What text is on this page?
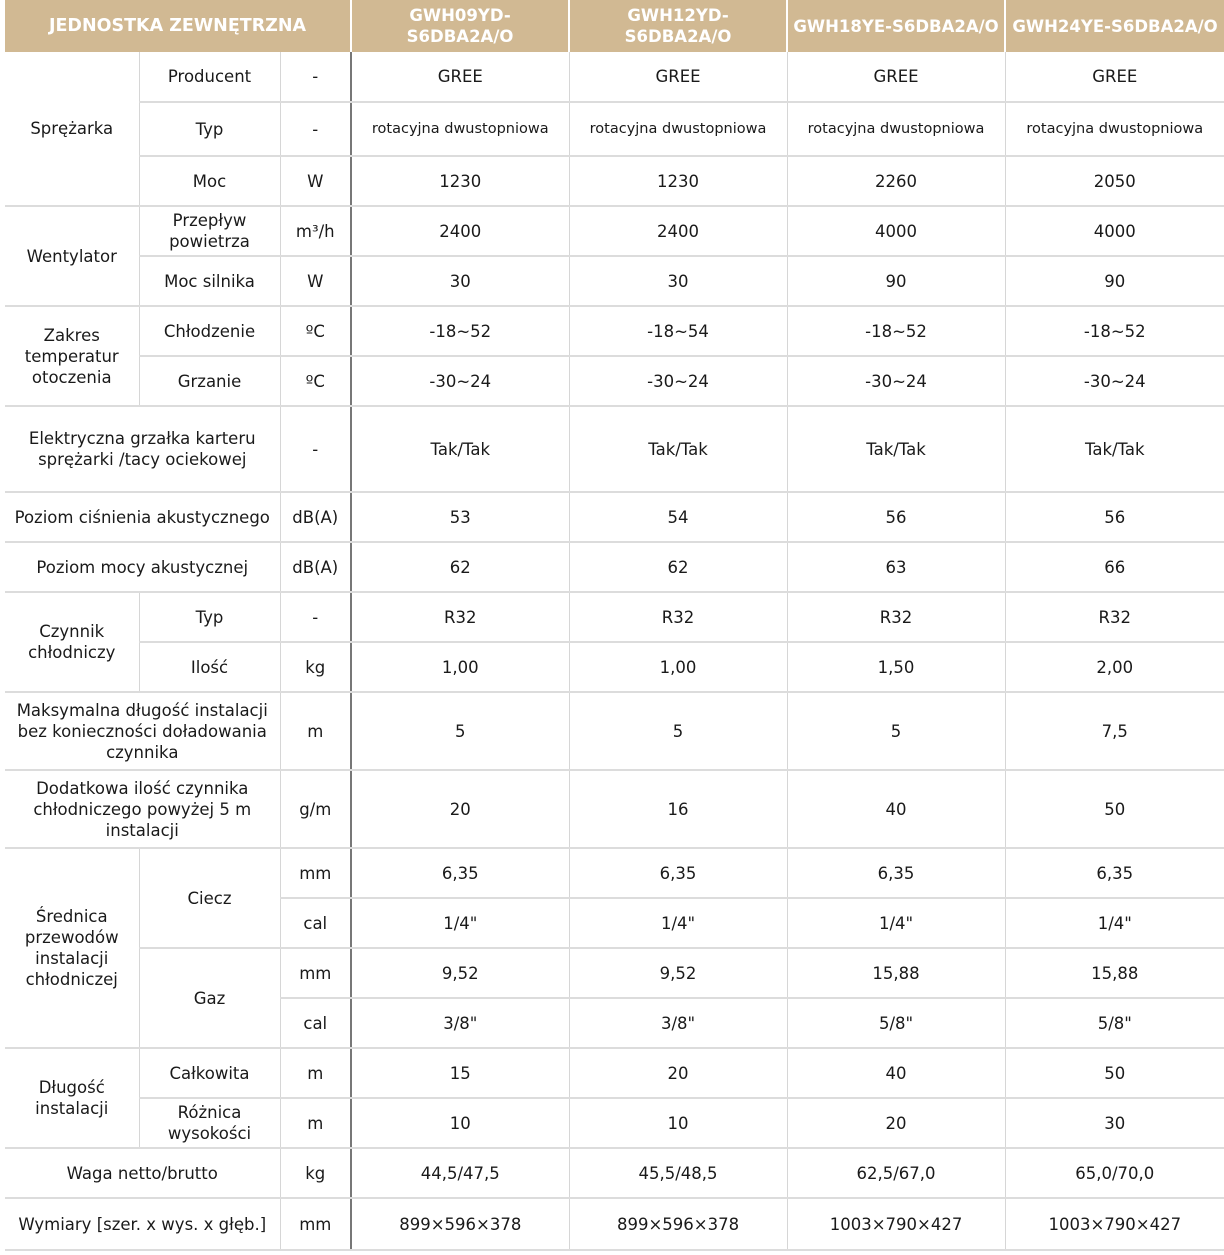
JEDNOSTKA ZEWNĘTRZNA			GWH09YD-S6DBA2A/O	GWH12YD-S6DBA2A/O	GWH18YE-S6DBA2A/O	GWH24YE-S6DBA2A/O
Sprężarka	Producent	-	GREE	GREE	GREE	GREE
	Typ	-	rotacyjna dwustopniowa	rotacyjna dwustopniowa	rotacyjna dwustopniowa	rotacyjna dwustopniowa
	Moc	W	1230	1230	2260	2050
Wentylator	Przepływ powietrza	m³/h	2400	2400	4000	4000
	Moc silnika	W	30	30	90	90
Zakres temperatur otoczenia	Chłodzenie	ºC	-18~52	-18~54	-18~52	-18~52
	Grzanie	ºC	-30~24	-30~24	-30~24	-30~24
Elektryczna grzałka karteru sprężarki /tacy ociekowej		-	Tak/Tak	Tak/Tak	Tak/Tak	Tak/Tak
Poziom ciśnienia akustycznego		dB(A)	53	54	56	56
Poziom mocy akustycznej		dB(A)	62	62	63	66
Czynnik chłodniczy	Typ	-	R32	R32	R32	R32
	Ilość	kg	1,00	1,00	1,50	2,00
Maksymalna długość instalacji bez konieczności doładowania czynnika		m	5	5	5	7,5
Dodatkowa ilość czynnika chłodniczego powyżej 5 m instalacji		g/m	20	16	40	50
Średnica przewodów instalacji chłodniczej	Ciecz	mm	6,35	6,35	6,35	6,35
		cal	1/4"	1/4"	1/4"	1/4"
	Gaz	mm	9,52	9,52	15,88	15,88
		cal	3/8"	3/8"	5/8"	5/8"
Długość instalacji	Całkowita	m	15	20	40	50
	Różnica wysokości	m	10	10	20	30
Waga netto/brutto		kg	44,5/47,5	45,5/48,5	62,5/67,0	65,0/70,0
Wymiary [szer. x wys. x głęb.]		mm	899×596×378	899×596×378	1003×790×427	1003×790×427
